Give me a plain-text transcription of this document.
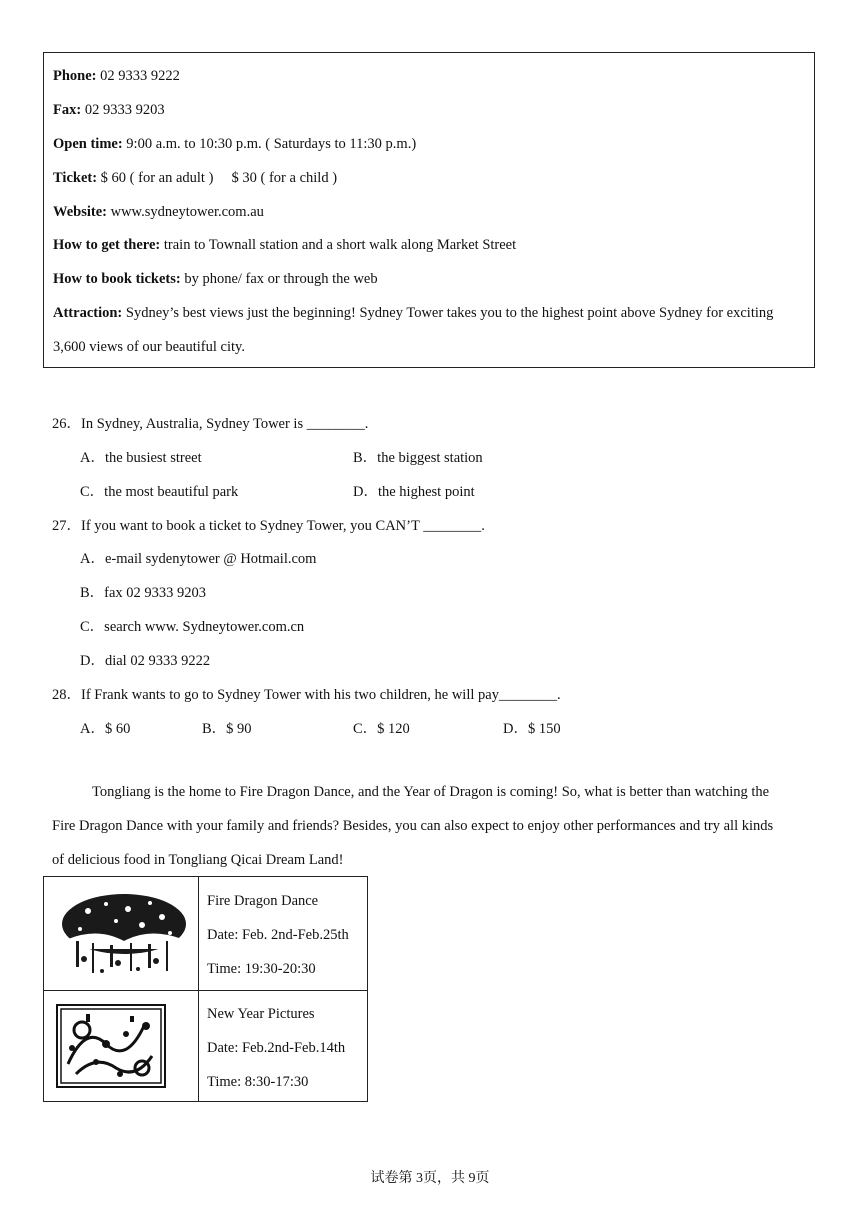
Phone: 02 9333 9222
Fax: 02 9333 9203
Open time: 9:00 a.m. to 10:30 p.m. ( Saturdays to 11:30 p.m.)
Ticket: $ 60 ( for an adult )     $ 30 ( for a child )
Website: www.sydneytower.com.au
How to get there: train to Townall station and a short walk along Market Street
How to book tickets: by phone/ fax or through the web
Attraction: Sydney’s best views just the beginning! Sydney Tower takes you to the highest point above Sydney for exciting
3,600 views of our beautiful city.
26．In Sydney, Australia, Sydney Tower is ________.
A．the busiest street	B．the biggest station
C．the most beautiful park	D．the highest point
27．If you want to book a ticket to Sydney Tower, you CAN’T ________.
A．e-mail sydenytower @ Hotmail.com
B．fax 02 9333 9203
C．search www. Sydneytower.com.cn
D．dial 02 9333 9222
28．If Frank wants to go to Sydney Tower with his two children, he will pay________.
A．$ 60	B．$ 90	C．$ 120	D．$ 150
Tongliang is the home to Fire Dragon Dance, and the Year of Dragon is coming! So, what is better than watching the
Fire Dragon Dance with your family and friends? Besides, you can also expect to enjoy other performances and try all kinds
of delicious food in Tongliang Qicai Dream Land!
Fire Dragon Dance
Date: Feb. 2nd-Feb.25th
Time: 19:30-20:30
New Year Pictures
Date: Feb.2nd-Feb.14th
Time: 8:30-17:30
试卷第 3页，共 9页
